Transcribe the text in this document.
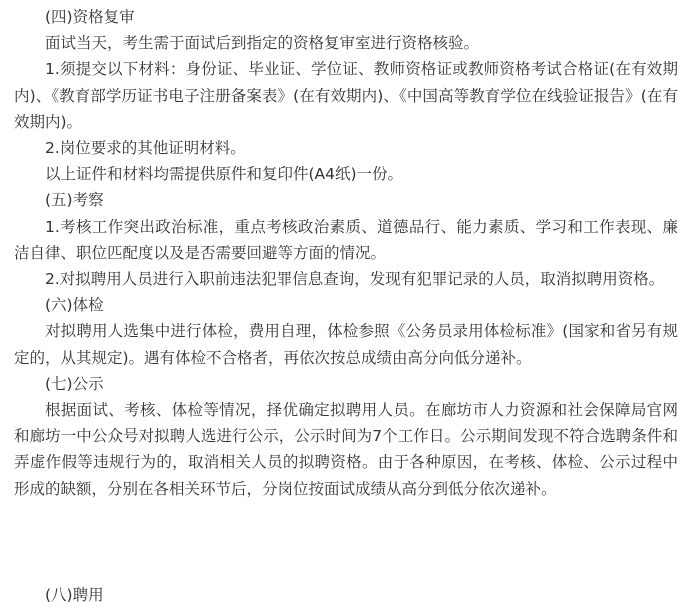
(四)资格复审

面试当天，考生需于面试后到指定的资格复审室进行资格核验。

1.须提交以下材料：身份证、毕业证、学位证、教师资格证或教师资格考试合格证(在有效期内)、《教育部学历证书电子注册备案表》(在有效期内)、《中国高等教育学位在线验证报告》(在有效期内)。

2.岗位要求的其他证明材料。

以上证件和材料均需提供原件和复印件(A4纸)一份。

(五)考察

1.考核工作突出政治标准，重点考核政治素质、道德品行、能力素质、学习和工作表现、廉洁自律、职位匹配度以及是否需要回避等方面的情况。

2.对拟聘用人员进行入职前违法犯罪信息查询，发现有犯罪记录的人员，取消拟聘用资格。

(六)体检

对拟聘用人选集中进行体检，费用自理，体检参照《公务员录用体检标准》(国家和省另有规定的，从其规定)。遇有体检不合格者，再依次按总成绩由高分向低分递补。

(七)公示

根据面试、考核、体检等情况，择优确定拟聘用人员。在廊坊市人力资源和社会保障局官网和廊坊一中公众号对拟聘人选进行公示，公示时间为7个工作日。公示期间发现不符合选聘条件和弄虚作假等违规行为的，取消相关人员的拟聘资格。由于各种原因，在考核、体检、公示过程中形成的缺额，分别在各相关环节后，分岗位按面试成绩从高分到低分依次递补。

(八)聘用
